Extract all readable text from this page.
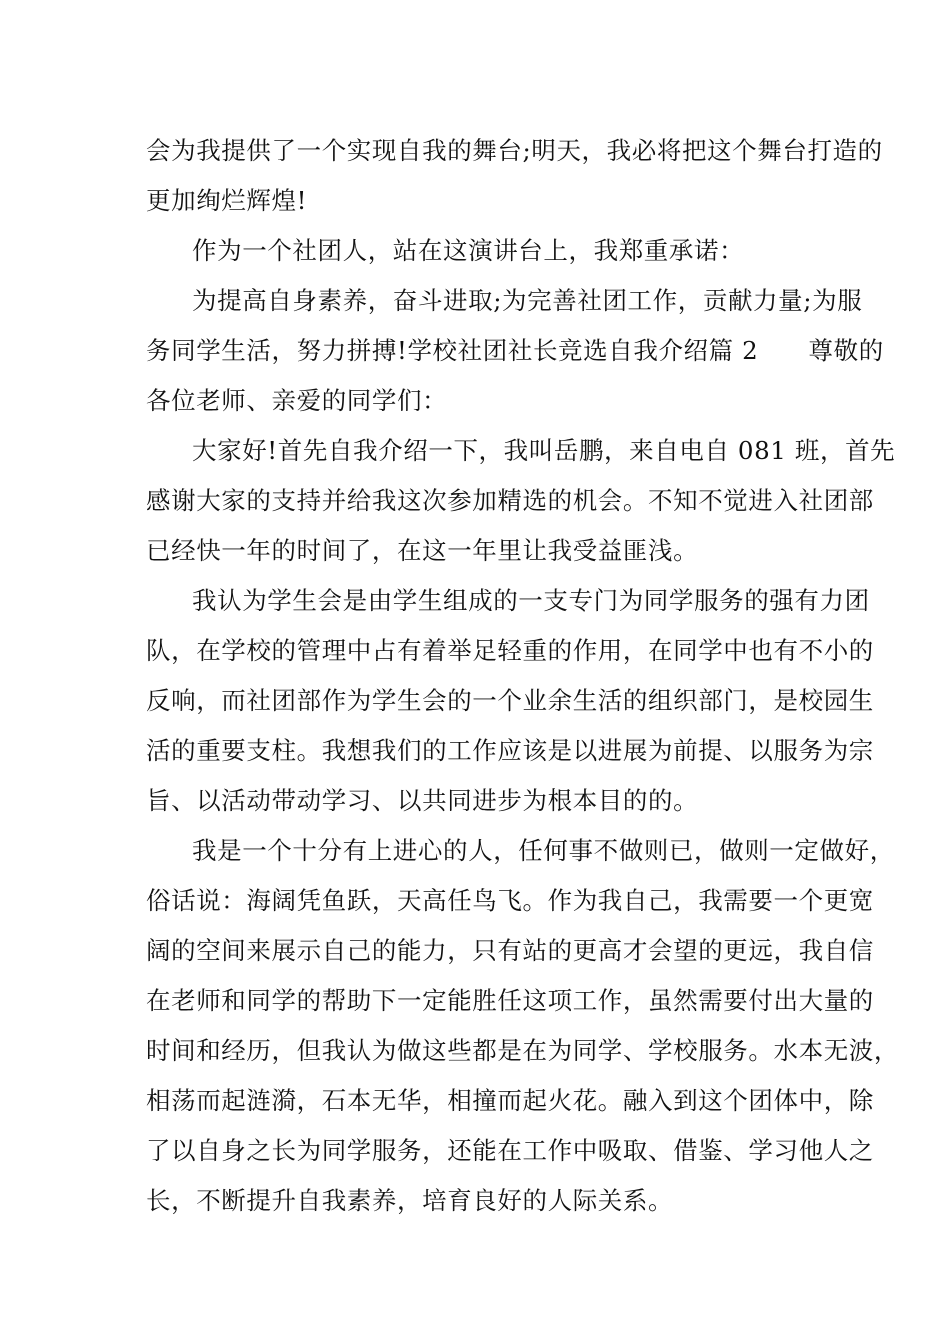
会为我提供了一个实现自我的舞台;明天，我必将把这个舞台打造的
更加绚烂辉煌!
作为一个社团人，站在这演讲台上，我郑重承诺：
为提高自身素养，奋斗进取;为完善社团工作，贡献力量;为服
务同学生活，努力拼搏!学校社团社长竞选自我介绍篇 2　　尊敬的
各位老师、亲爱的同学们：
大家好!首先自我介绍一下，我叫岳鹏，来自电自 081 班，首先
感谢大家的支持并给我这次参加精选的机会。不知不觉进入社团部
已经快一年的时间了，在这一年里让我受益匪浅。
我认为学生会是由学生组成的一支专门为同学服务的强有力团
队，在学校的管理中占有着举足轻重的作用，在同学中也有不小的
反响，而社团部作为学生会的一个业余生活的组织部门，是校园生
活的重要支柱。我想我们的工作应该是以进展为前提、以服务为宗
旨、以活动带动学习、以共同进步为根本目的的。
我是一个十分有上进心的人，任何事不做则已，做则一定做好，
俗话说：海阔凭鱼跃，天高任鸟飞。作为我自己，我需要一个更宽
阔的空间来展示自己的能力，只有站的更高才会望的更远，我自信
在老师和同学的帮助下一定能胜任这项工作，虽然需要付出大量的
时间和经历，但我认为做这些都是在为同学、学校服务。水本无波，
相荡而起涟漪，石本无华，相撞而起火花。融入到这个团体中，除
了以自身之长为同学服务，还能在工作中吸取、借鉴、学习他人之
长，不断提升自我素养，培育良好的人际关系。
